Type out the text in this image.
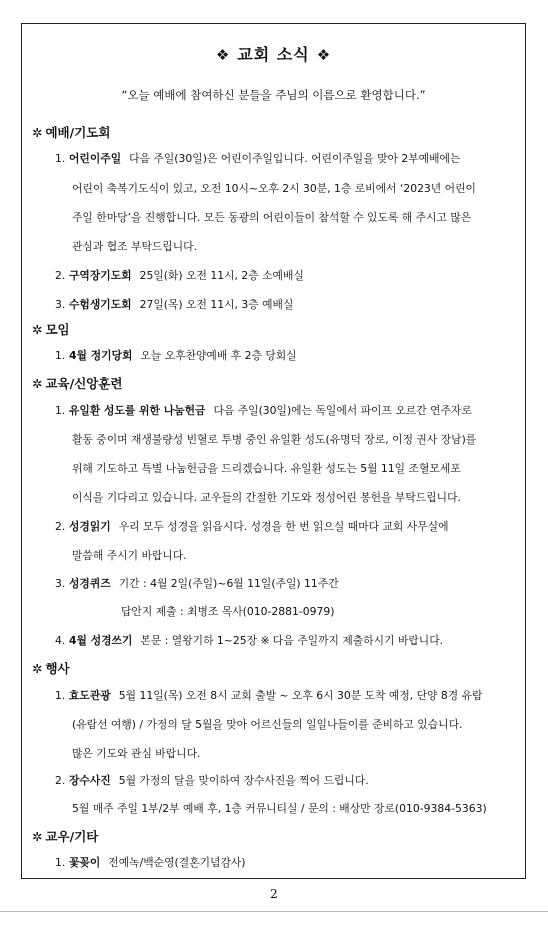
❖ 교회 소식 ❖
“오늘 예배에 참여하신 분들을 주님의 이름으로 환영합니다.”
✲ 예배/기도회
1. 어린이주일 다음 주일(30일)은 어린이주일입니다. 어린이주일을 맞아 2부예배에는
어린이 축복기도식이 있고, 오전 10시~오후 2시 30분, 1층 로비에서 ‘2023년 어린이
주일 한마당’을 진행합니다. 모든 동광의 어린이들이 참석할 수 있도록 해 주시고 많은
관심과 협조 부탁드립니다.
2. 구역장기도회 25일(화) 오전 11시, 2층 소예배실
3. 수험생기도회 27일(목) 오전 11시, 3층 예배실
✲ 모임
1. 4월 정기당회 오늘 오후찬양예배 후 2층 당회실
✲ 교육/신앙훈련
1. 유일환 성도를 위한 나눔헌금 다음 주일(30일)에는 독일에서 파이프 오르간 연주자로
활동 중이며 재생불량성 빈혈로 투병 중인 유일환 성도(유명덕 장로, 이정 권사 장남)를
위해 기도하고 특별 나눔헌금을 드리겠습니다. 유일환 성도는 5월 11일 조혈모세포
이식을 기다리고 있습니다. 교우들의 간절한 기도와 정성어린 봉헌을 부탁드립니다.
2. 성경읽기 우리 모두 성경을 읽읍시다. 성경을 한 번 읽으실 때마다 교회 사무실에
말씀해 주시기 바랍니다.
3. 성경퀴즈 기간 : 4월 2일(주일)~6월 11일(주일) 11주간
답안지 제출 : 최병조 목사(010-2881-0979)
4. 4월 성경쓰기 본문 : 열왕기하 1~25장 ※ 다음 주일까지 제출하시기 바랍니다.
✲ 행사
1. 효도관광 5월 11일(목) 오전 8시 교회 출발 ~ 오후 6시 30분 도착 예정, 단양 8경 유람
(유람선 여행) / 가정의 달 5월을 맞아 어르신들의 일일나들이를 준비하고 있습니다.
많은 기도와 관심 바랍니다.
2. 장수사진 5월 가정의 달을 맞이하여 장수사진을 찍어 드립니다.
5월 매주 주일 1부/2부 예배 후, 1층 커뮤니티실 / 문의 : 배상만 장로(010-9384-5363)
✲ 교우/기타
1. 꽃꽂이 전예녹/백순영(결혼기념감사)
2
